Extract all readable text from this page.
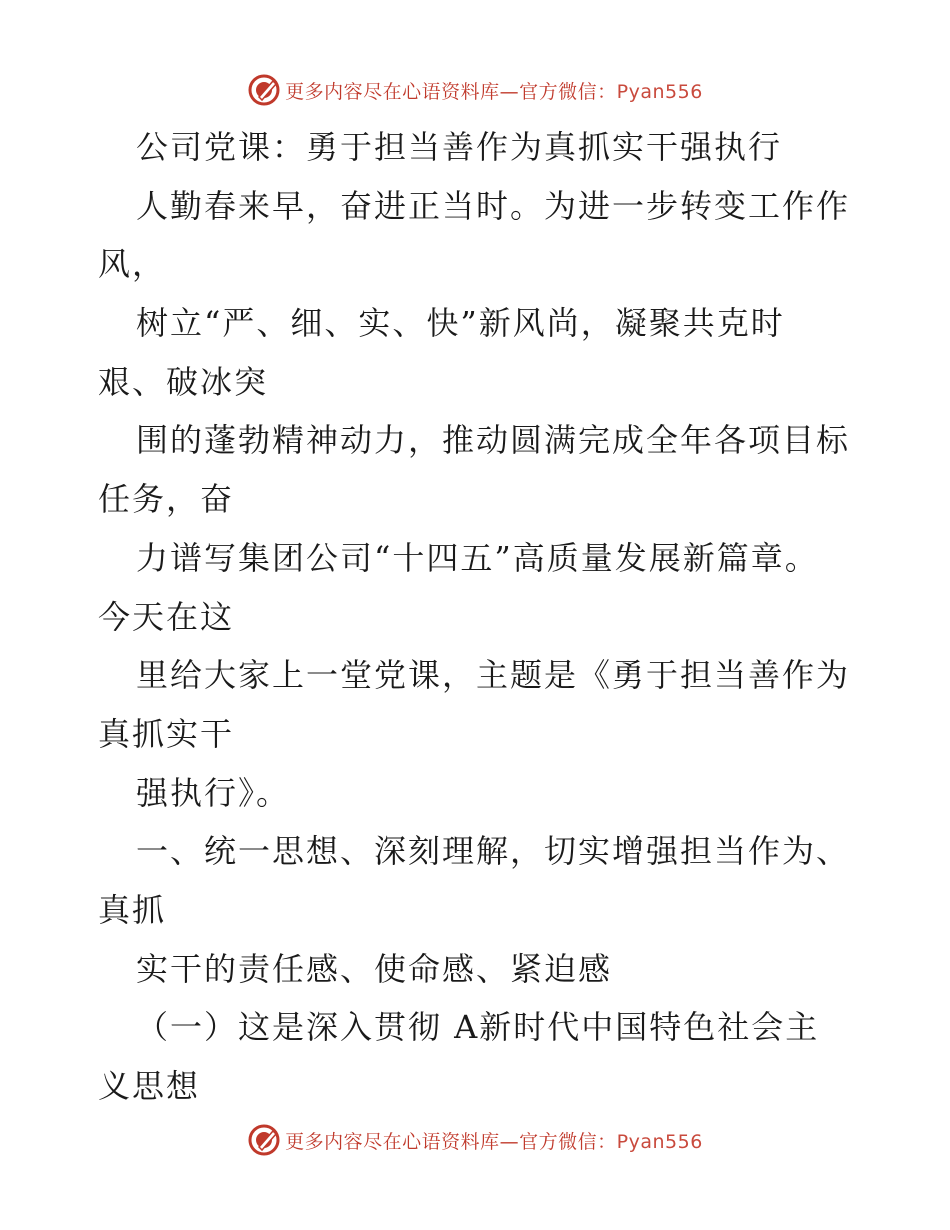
更多内容尽在心语资料库—官方微信：Pyan556
公司党课：勇于担当善作为真抓实干强执行
人勤春来早，奋进正当时。为进一步转变工作作
风，
树立“严、细、实、快”新风尚，凝聚共克时
艰、破冰突
围的蓬勃精神动力，推动圆满完成全年各项目标
任务，奋
力谱写集团公司“十四五”高质量发展新篇章。
今天在这
里给大家上一堂党课，主题是《勇于担当善作为
真抓实干
强执行》。
一、统一思想、深刻理解，切实增强担当作为、
真抓
实干的责任感、使命感、紧迫感
（一）这是深入贯彻 A新时代中国特色社会主
义思想
更多内容尽在心语资料库—官方微信：Pyan556
